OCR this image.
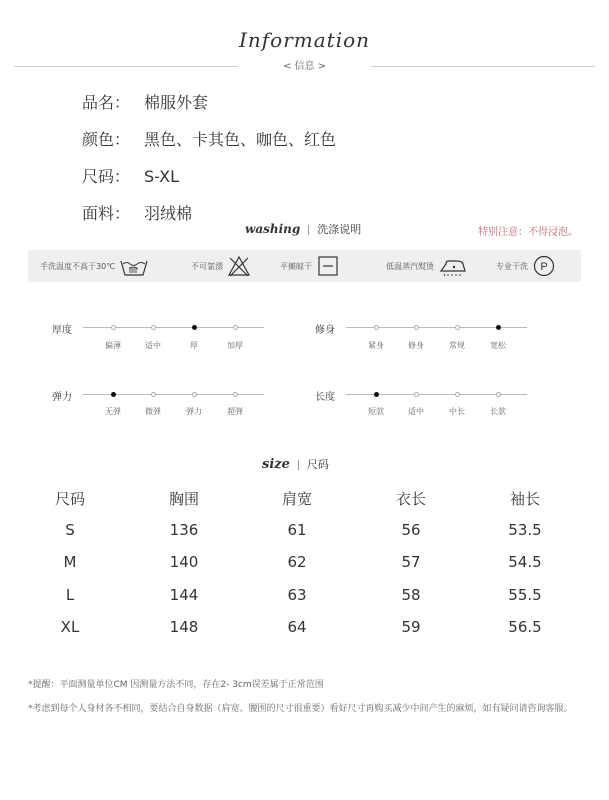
Information
< 信息 >
品名： 棉服外套
颜色： 黑色、卡其色、咖色、红色
尺码： S-XL
面料： 羽绒棉
washing 洗涤说明	特别注意：不得浸泡。
手洗温度不高于30℃	不可氯漂	平摊晾干	低温蒸汽熨烫	专业干洗 P
厚度
偏薄	适中	厚	加厚
修身
紧身	修身	常规	宽松
弹力
无弹	微弹	弹力	超弹
长度
短款	适中	中长	长款
size 尺码
尺码	胸围	肩宽	衣长	袖长
S	136	61	56	53.5
M	140	62	57	54.5
L	144	63	58	55.5
XL	148	64	59	56.5
*提醒：平面测量单位CM 因测量方法不同，存在2- 3cm误差属于正常范围
*考虑到每个人身材各不相同，要结合自身数据（肩宽、腰围的尺寸很重要）看好尺寸再购买减少中间产生的麻烦，如有疑问请咨询客服。
